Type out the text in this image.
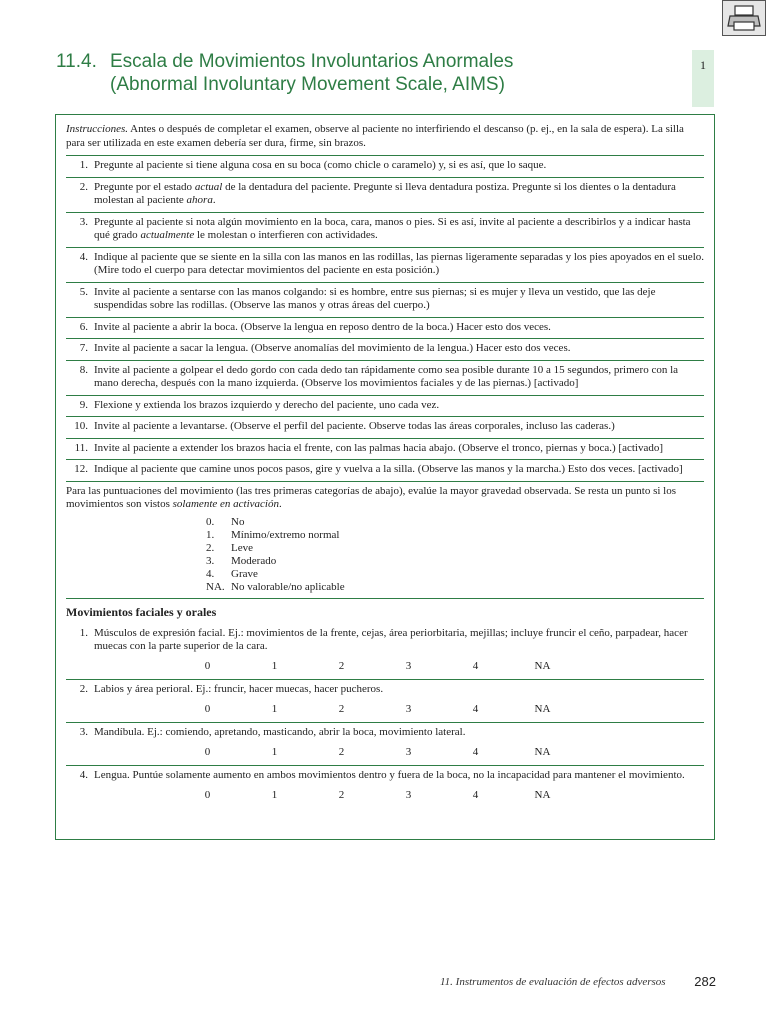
11.4. Escala de Movimientos Involuntarios Anormales
(Abnormal Involuntary Movement Scale, AIMS)
1
Instrucciones. Antes o después de completar el examen, observe al paciente no interfiriendo el descanso (p. ej., en la sala de espera). La silla para ser utilizada en este examen debería ser dura, firme, sin brazos.
1. Pregunte al paciente si tiene alguna cosa en su boca (como chicle o caramelo) y, si es así, que lo saque.
2. Pregunte por el estado actual de la dentadura del paciente. Pregunte si lleva dentadura postiza. Pregunte si los dientes o la dentadura molestan al paciente ahora.
3. Pregunte al paciente si nota algún movimiento en la boca, cara, manos o pies. Si es así, invite al paciente a describirlos y a indicar hasta qué grado actualmente le molestan o interfieren con actividades.
4. Indique al paciente que se siente en la silla con las manos en las rodillas, las piernas ligeramente separadas y los pies apoyados en el suelo. (Mire todo el cuerpo para detectar movimientos del paciente en esta posición.)
5. Invite al paciente a sentarse con las manos colgando: si es hombre, entre sus piernas; si es mujer y lleva un vestido, que las deje suspendidas sobre las rodillas. (Observe las manos y otras áreas del cuerpo.)
6. Invite al paciente a abrir la boca. (Observe la lengua en reposo dentro de la boca.) Hacer esto dos veces.
7. Invite al paciente a sacar la lengua. (Observe anomalías del movimiento de la lengua.) Hacer esto dos veces.
8. Invite al paciente a golpear el dedo gordo con cada dedo tan rápidamente como sea posible durante 10 a 15 segundos, primero con la mano derecha, después con la mano izquierda. (Observe los movimientos faciales y de las piernas.) [activado]
9. Flexione y extienda los brazos izquierdo y derecho del paciente, uno cada vez.
10. Invite al paciente a levantarse. (Observe el perfil del paciente. Observe todas las áreas corporales, incluso las caderas.)
11. Invite al paciente a extender los brazos hacia el frente, con las palmas hacia abajo. (Observe el tronco, piernas y boca.) [activado]
12. Indique al paciente que camine unos pocos pasos, gire y vuelva a la silla. (Observe las manos y la marcha.) Esto dos veces. [activado]
Para las puntuaciones del movimiento (las tres primeras categorías de abajo), evalúe la mayor gravedad observada. Se resta un punto si los movimientos son vistos solamente en activación.
0.	No
1.	Mínimo/extremo normal
2.	Leve
3.	Moderado
4.	Grave
NA. No valorable/no aplicable
Movimientos faciales y orales
1. Músculos de expresión facial. Ej.: movimientos de la frente, cejas, área periorbitaria, mejillas; incluye fruncir el ceño, parpadear, hacer muecas con la parte superior de la cara.
0	1	2	3	4	NA
2. Labios y área perioral. Ej.: fruncir, hacer muecas, hacer pucheros.
0	1	2	3	4	NA
3. Mandíbula. Ej.: comiendo, apretando, masticando, abrir la boca, movimiento lateral.
0	1	2	3	4	NA
4. Lengua. Puntúe solamente aumento en ambos movimientos dentro y fuera de la boca, no la incapacidad para mantener el movimiento.
0	1	2	3	4	NA
11. Instrumentos de evaluación de efectos adversos 282
